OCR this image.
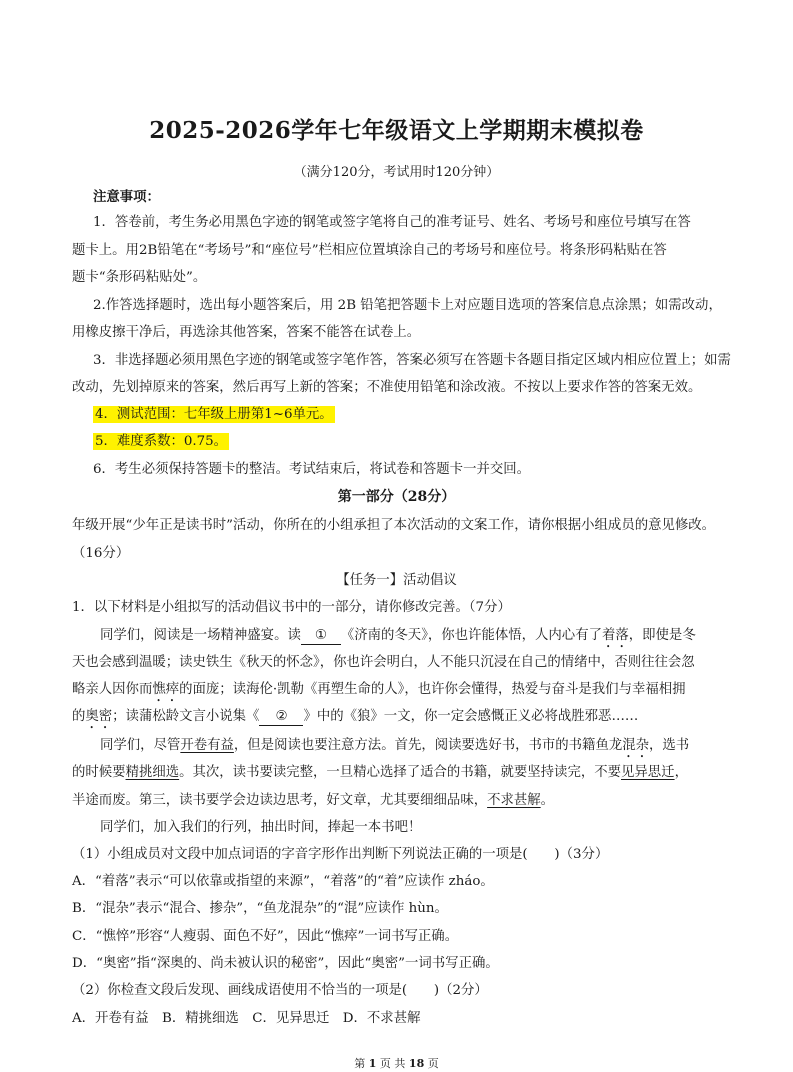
2025-2026学年七年级语文上学期期末模拟卷
（满分120分，考试用时120分钟）
注意事项：
1．答卷前，考生务必用黑色字迹的钢笔或签字笔将自己的准考证号、姓名、考场号和座位号填写在答
题卡上。用2B铅笔在“考场号”和“座位号”栏相应位置填涂自己的考场号和座位号。将条形码粘贴在答
题卡“条形码粘贴处”。
2.作答选择题时，选出每小题答案后，用 2B 铅笔把答题卡上对应题目选项的答案信息点涂黑；如需改动，
用橡皮擦干净后，再选涂其他答案，答案不能答在试卷上。
3．非选择题必须用黑色字迹的钢笔或签字笔作答，答案必须写在答题卡各题目指定区域内相应位置上；如需
改动，先划掉原来的答案，然后再写上新的答案；不准使用铅笔和涂改液。不按以上要求作答的答案无效。
4．测试范围：七年级上册第1~6单元。
5．难度系数：0.75。
6．考生必须保持答题卡的整洁。考试结束后，将试卷和答题卡一并交回。
第一部分（28分）
年级开展“少年正是读书时”活动，你所在的小组承担了本次活动的文案工作，请你根据小组成员的意见修改。
（16分）
【任务一】活动倡议
1．以下材料是小组拟写的活动倡议书中的一部分，请你修改完善。（7分）
同学们，阅读是一场精神盛宴。读 ① 《济南的冬天》，你也许能体悟，人内心有了着落，即使是冬
天也会感到温暖；读史铁生《秋天的怀念》，你也许会明白，人不能只沉浸在自己的情绪中，否则往往会忽
略亲人因你而憔瘁的面庞；读海伦·凯勒《再塑生命的人》，也许你会懂得，热爱与奋斗是我们与幸福相拥
的奥密；读蒲松龄文言小说集《 ② 》中的《狼》一文，你一定会感慨正义必将战胜邪恶……
同学们，尽管开卷有益，但是阅读也要注意方法。首先，阅读要选好书，书市的书籍鱼龙混杂，选书
的时候要精挑细选。其次，读书要读完整，一旦精心选择了适合的书籍，就要坚持读完，不要见异思迁，
半途而废。第三，读书要学会边读边思考，好文章，尤其要细细品味，不求甚解。
同学们，加入我们的行列，抽出时间，捧起一本书吧！
（1）小组成员对文段中加点词语的字音字形作出判断下列说法正确的一项是(　　)（3分）
A．“着落”表示“可以依靠或指望的来源”，“着落”的“着”应读作 zháo。
B．“混杂”表示“混合、掺杂”，“鱼龙混杂”的“混”应读作 hùn。
C．“憔悴”形容“人瘦弱、面色不好”，因此“憔瘁”一词书写正确。
D．“奥密”指“深奥的、尚未被认识的秘密”，因此“奥密”一词书写正确。
（2）你检查文段后发现、画线成语使用不恰当的一项是(　　)（2分）
A．开卷有益　B．精挑细选　C．见异思迁　D．不求甚解
第 1 页 共 18 页
